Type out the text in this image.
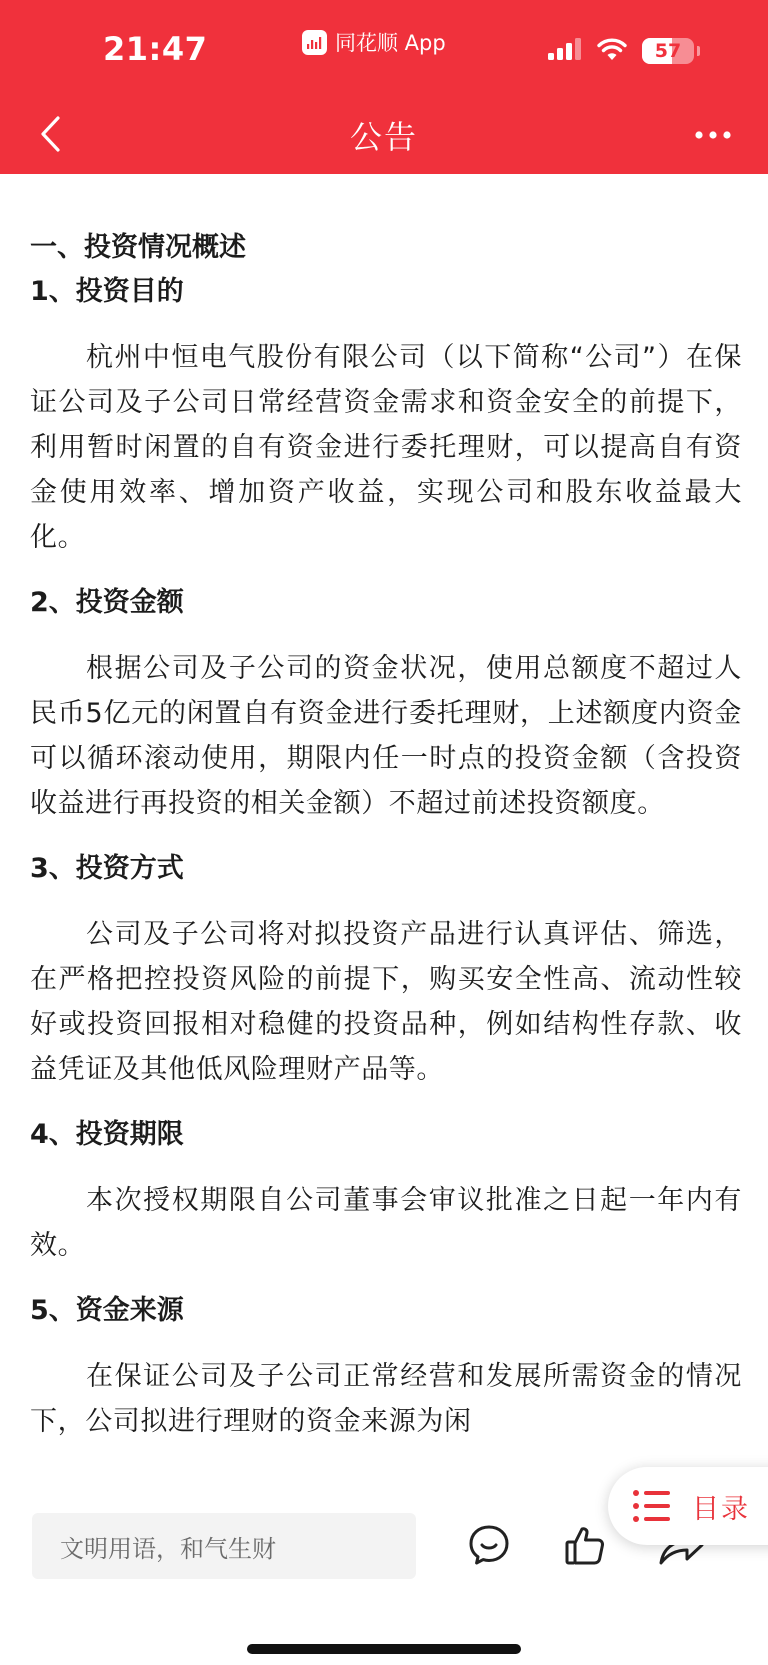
21:47	同花顺 App	57
公告
一、投资情况概述
1、投资目的

杭州中恒电气股份有限公司（以下简称“公司”）在保证公司及子公司日常经营资金需求和资金安全的前提下，利用暂时闲置的自有资金进行委托理财，可以提高自有资金使用效率、增加资产收益，实现公司和股东收益最大化。

2、投资金额

根据公司及子公司的资金状况，使用总额度不超过人民币5亿元的闲置自有资金进行委托理财，上述额度内资金可以循环滚动使用，期限内任一时点的投资金额（含投资收益进行再投资的相关金额）不超过前述投资额度。

3、投资方式

公司及子公司将对拟投资产品进行认真评估、筛选，在严格把控投资风险的前提下，购买安全性高、流动性较好或投资回报相对稳健的投资品种，例如结构性存款、收益凭证及其他低风险理财产品等。

4、投资期限

本次授权期限自公司董事会审议批准之日起一年内有效。

5、资金来源

在保证公司及子公司正常经营和发展所需资金的情况下，公司拟进行理财的资金来源为闲

文明用语，和气生财
目录
